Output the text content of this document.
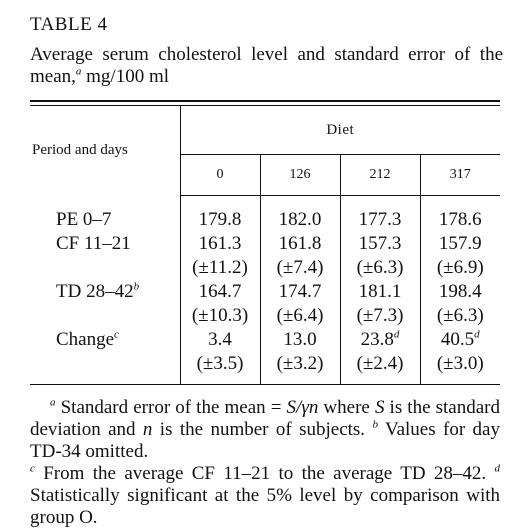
TABLE 4
Average serum cholesterol level and standard error of the mean,$^a$ mg/100 ml
Period and days	Diet			
	0	126	212	317
PE 0–7	179.8	182.0	177.3	178.6
CF 11–21	161.3	161.8	157.3	157.9
	(±11.2)	(±7.4)	(±6.3)	(±6.9)
TD 28–42$^b$	164.7	174.7	181.1	198.4
	(±10.3)	(±6.4)	(±7.3)	(±6.3)
Change$^c$	3.4	13.0	23.8$^d$	40.5$^d$
	(±3.5)	(±3.2)	(±2.4)	(±3.0)

$^a$ Standard error of the mean = S/γn where S is the standard deviation and n is the number of subjects. $^b$ Values for day TD-34 omitted.

$^c$ From the average CF 11–21 to the average TD 28–42. $^d$ Statistically significant at the 5% level by comparison with group O.
